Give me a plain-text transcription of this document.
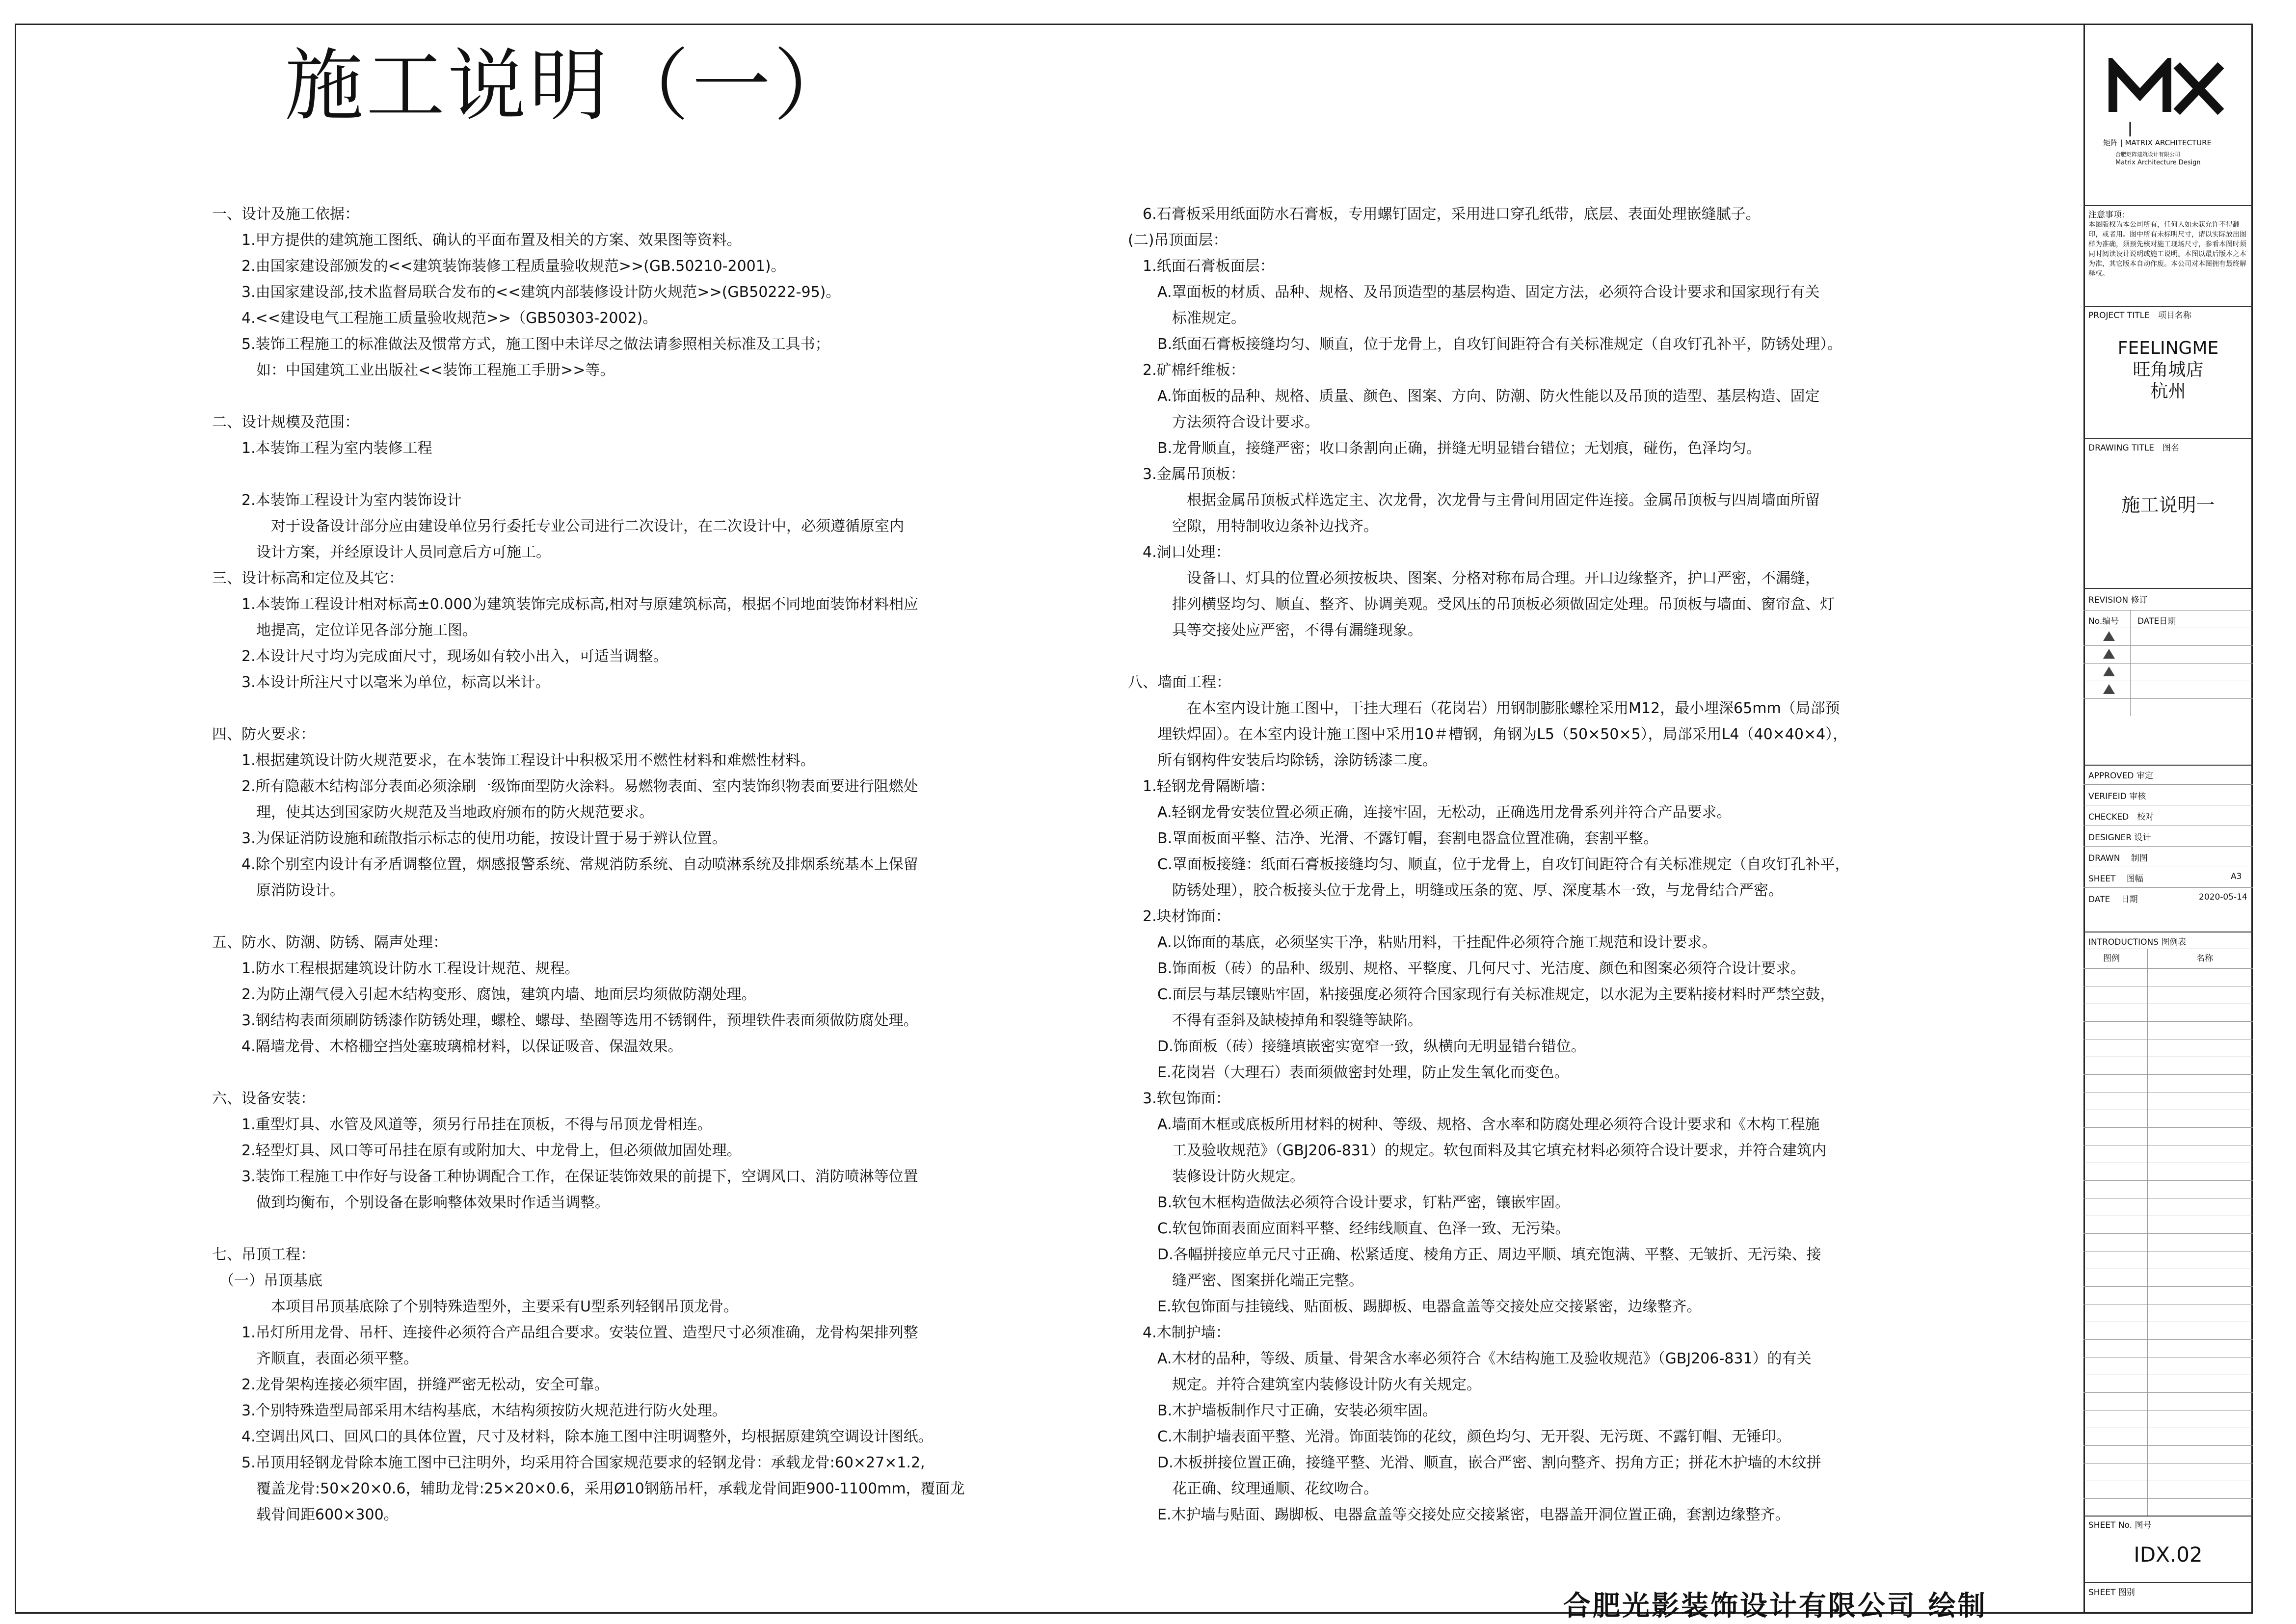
施工说明（一）

一、设计及施工依据：

　　1.甲方提供的建筑施工图纸、确认的平面布置及相关的方案、效果图等资料。

　　2.由国家建设部颁发的<<建筑装饰装修工程质量验收规范>>(GB.50210-2001)。

　　3.由国家建设部,技术监督局联合发布的<<建筑内部装修设计防火规范>>(GB50222-95)。

　　4.<<建设电气工程施工质量验收规范>>（GB50303-2002)。

　　5.装饰工程施工的标准做法及惯常方式，施工图中未详尽之做法请参照相关标准及工具书；

　　　如：中国建筑工业出版社<<装饰工程施工手册>>等。

二、设计规模及范围：

　　1.本装饰工程为室内装修工程

　　2.本装饰工程设计为室内装饰设计

　　　　对于设备设计部分应由建设单位另行委托专业公司进行二次设计，在二次设计中，必须遵循原室内

　　　设计方案，并经原设计人员同意后方可施工。

三、设计标高和定位及其它：

　　1.本装饰工程设计相对标高±0.000为建筑装饰完成标高,相对与原建筑标高，根据不同地面装饰材料相应

　　　地提高，定位详见各部分施工图。

　　2.本设计尺寸均为完成面尺寸，现场如有较小出入，可适当调整。

　　3.本设计所注尺寸以毫米为单位，标高以米计。

四、防火要求：

　　1.根据建筑设计防火规范要求，在本装饰工程设计中积极采用不燃性材料和难燃性材料。

　　2.所有隐蔽木结构部分表面必须涂刷一级饰面型防火涂料。易燃物表面、室内装饰织物表面要进行阻燃处

　　　理，使其达到国家防火规范及当地政府颁布的防火规范要求。

　　3.为保证消防设施和疏散指示标志的使用功能，按设计置于易于辨认位置。

　　4.除个别室内设计有矛盾调整位置，烟感报警系统、常规消防系统、自动喷淋系统及排烟系统基本上保留

　　　原消防设计。

五、防水、防潮、防锈、隔声处理：

　　1.防水工程根据建筑设计防水工程设计规范、规程。

　　2.为防止潮气侵入引起木结构变形、腐蚀，建筑内墙、地面层均须做防潮处理。

　　3.钢结构表面须刷防锈漆作防锈处理，螺栓、螺母、垫圈等选用不锈钢件，预埋铁件表面须做防腐处理。

　　4.隔墙龙骨、木格栅空挡处塞玻璃棉材料，以保证吸音、保温效果。

六、设备安装：

　　1.重型灯具、水管及风道等，须另行吊挂在顶板，不得与吊顶龙骨相连。

　　2.轻型灯具、风口等可吊挂在原有或附加大、中龙骨上，但必须做加固处理。

　　3.装饰工程施工中作好与设备工种协调配合工作，在保证装饰效果的前提下，空调风口、消防喷淋等位置

　　　做到均衡布，个别设备在影响整体效果时作适当调整。

七、吊顶工程：

　（一）吊顶基底

　　　　本项目吊顶基底除了个别特殊造型外，主要采有U型系列轻钢吊顶龙骨。

　　1.吊灯所用龙骨、吊杆、连接件必须符合产品组合要求。安装位置、造型尺寸必须准确，龙骨构架排列整

　　　齐顺直，表面必须平整。

　　2.龙骨架构连接必须牢固，拼缝严密无松动，安全可靠。

　　3.个别特殊造型局部采用木结构基底，木结构须按防火规范进行防火处理。

　　4.空调出风口、回风口的具体位置，尺寸及材料，除本施工图中注明调整外，均根据原建筑空调设计图纸。

　　5.吊顶用轻钢龙骨除本施工图中已注明外，均采用符合国家规范要求的轻钢龙骨：承载龙骨:60×27×1.2,

　　　覆盖龙骨:50×20×0.6，辅助龙骨:25×20×0.6，采用Ø10钢筋吊杆，承载龙骨间距900-1100mm，覆面龙

　　　载骨间距600×300。

　　6.石膏板采用纸面防水石膏板，专用螺钉固定，采用进口穿孔纸带，底层、表面处理嵌缝腻子。

　(二)吊顶面层：

　　1.纸面石膏板面层：

　　　A.罩面板的材质、品种、规格、及吊顶造型的基层构造、固定方法，必须符合设计要求和国家现行有关

　　　　标准规定。

　　　B.纸面石膏板接缝均匀、顺直，位于龙骨上，自攻钉间距符合有关标准规定（自攻钉孔补平，防锈处理）。

　　2.矿棉纤维板：

　　　A.饰面板的品种、规格、质量、颜色、图案、方向、防潮、防火性能以及吊顶的造型、基层构造、固定

　　　　方法须符合设计要求。

　　　B.龙骨顺直，接缝严密；收口条割向正确，拼缝无明显错台错位；无划痕，碰伤，色泽均匀。

　　3.金属吊顶板：

　　　　　根据金属吊顶板式样选定主、次龙骨，次龙骨与主骨间用固定件连接。金属吊顶板与四周墙面所留

　　　　空隙，用特制收边条补边找齐。

　　4.洞口处理：

　　　　　设备口、灯具的位置必须按板块、图案、分格对称布局合理。开口边缘整齐，护口严密，不漏缝，

　　　　排列横竖均匀、顺直、整齐、协调美观。受风压的吊顶板必须做固定处理。吊顶板与墙面、窗帘盒、灯

　　　　具等交接处应严密，不得有漏缝现象。

　八、墙面工程：

　　　　　在本室内设计施工图中，干挂大理石（花岗岩）用钢制膨胀螺栓采用M12，最小埋深65mm（局部预

　　　埋铁焊固）。在本室内设计施工图中采用10＃槽钢，角钢为L5（50×50×5），局部采用L4（40×40×4），

　　　所有钢构件安装后均除锈，涂防锈漆二度。

　　1.轻钢龙骨隔断墙：

　　　A.轻钢龙骨安装位置必须正确，连接牢固，无松动，正确选用龙骨系列并符合产品要求。

　　　B.罩面板面平整、洁净、光滑、不露钉帽，套割电器盒位置准确，套割平整。

　　　C.罩面板接缝：纸面石膏板接缝均匀、顺直，位于龙骨上，自攻钉间距符合有关标准规定（自攻钉孔补平，

　　　　防锈处理），胶合板接头位于龙骨上，明缝或压条的宽、厚、深度基本一致，与龙骨结合严密。

　　2.块材饰面：

　　　A.以饰面的基底，必须坚实干净，粘贴用料，干挂配件必须符合施工规范和设计要求。

　　　B.饰面板（砖）的品种、级别、规格、平整度、几何尺寸、光洁度、颜色和图案必须符合设计要求。

　　　C.面层与基层镶贴牢固，粘接强度必须符合国家现行有关标准规定，以水泥为主要粘接材料时严禁空鼓，

　　　　不得有歪斜及缺棱掉角和裂缝等缺陷。

　　　D.饰面板（砖）接缝填嵌密实宽窄一致，纵横向无明显错台错位。

　　　E.花岗岩（大理石）表面须做密封处理，防止发生氧化而变色。

　　3.软包饰面：

　　　A.墙面木框或底板所用材料的树种、等级、规格、含水率和防腐处理必须符合设计要求和《木构工程施

　　　　工及验收规范》（GBJ206-831）的规定。软包面料及其它填充材料必须符合设计要求，并符合建筑内

　　　　装修设计防火规定。

　　　B.软包木框构造做法必须符合设计要求，钉粘严密，镶嵌牢固。

　　　C.软包饰面表面应面料平整、经纬线顺直、色泽一致、无污染。

　　　D.各幅拼接应单元尺寸正确、松紧适度、棱角方正、周边平顺、填充饱满、平整、无皱折、无污染、接

　　　　缝严密、图案拼化端正完整。

　　　E.软包饰面与挂镜线、贴面板、踢脚板、电器盒盖等交接处应交接紧密，边缘整齐。

　　4.木制护墙：

　　　A.木材的品种，等级、质量、骨架含水率必须符合《木结构施工及验收规范》（GBJ206-831）的有关

　　　　规定。并符合建筑室内装修设计防火有关规定。

　　　B.木护墙板制作尺寸正确，安装必须牢固。

　　　C.木制护墙表面平整、光滑。饰面装饰的花纹，颜色均匀、无开裂、无污斑、不露钉帽、无锤印。

　　　D.木板拼接位置正确，接缝平整、光滑、顺直，嵌合严密、割向整齐、拐角方正；拼花木护墙的木纹拼

　　　　花正确、纹理通顺、花纹吻合。

　　　E.木护墙与贴面、踢脚板、电器盒盖等交接处应交接紧密，电器盖开洞位置正确，套割边缘整齐。

合肥光影装饰设计有限公司 绘制
矩阵 | MATRIX ARCHITECTURE
合肥矩阵建筑设计有限公司
Matrix Architecture Design
注意事项:
本图版权为本公司所有，任何人如未获允许不得翻印，或者用。图中所有未标明尺寸，请以实际放出图样为准确，须预先核对施工现场尺寸，参看本图时须同时阅读设计说明或施工说明。本图以最后版本之本为准，其它版本自动作废。本公司对本图拥有最终解释权。
PROJECT TITLE　项目名称
FEELINGME
旺角城店
杭州
DRAWING TITLE　图名
施工说明一
REVISION 修订
No.编号 DATE日期
APPROVED 审定
VERIFEID 审核
CHECKED　校对
DESIGNER 设计
DRAWN　 制图
SHEET　 图幅	A3
DATE　 日期	2020-05-14
INTRODUCTIONS 图例表
图例	名称
SHEET No. 图号
IDX.02
SHEET 图别
